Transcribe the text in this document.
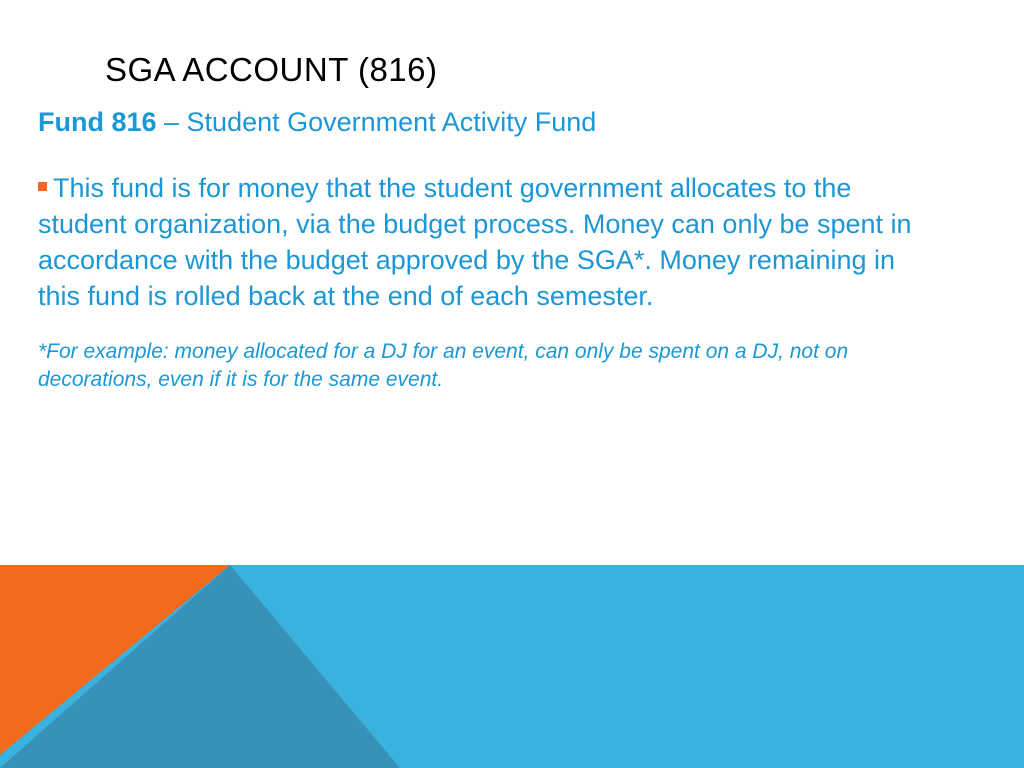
SGA ACCOUNT (816)

Fund 816 – Student Government Activity Fund

This fund is for money that the student government allocates to the student organization, via the budget process. Money can only be spent in accordance with the budget approved by the SGA*. Money remaining in this fund is rolled back at the end of each semester.

*For example: money allocated for a DJ for an event, can only be spent on a DJ, not on decorations, even if it is for the same event.
